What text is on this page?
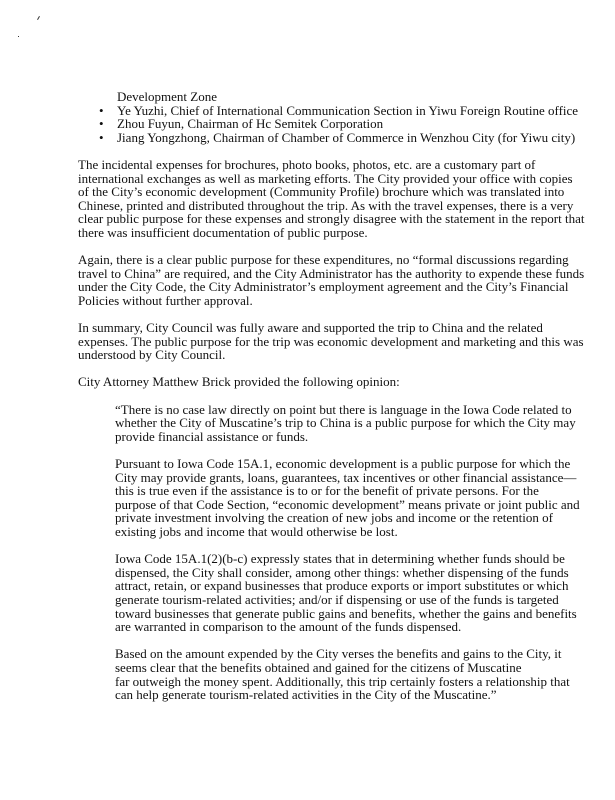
Development Zone
• Ye Yuzhi, Chief of International Communication Section in Yiwu Foreign Routine office
• Zhou Fuyun, Chairman of Hc Semitek Corporation
• Jiang Yongzhong, Chairman of Chamber of Commerce in Wenzhou City (for Yiwu city)
The incidental expenses for brochures, photo books, photos, etc. are a customary part of
international exchanges as well as marketing efforts. The City provided your office with copies
of the City’s economic development (Community Profile) brochure which was translated into
Chinese, printed and distributed throughout the trip. As with the travel expenses, there is a very
clear public purpose for these expenses and strongly disagree with the statement in the report that
there was insufficient documentation of public purpose.
Again, there is a clear public purpose for these expenditures, no “formal discussions regarding
travel to China” are required, and the City Administrator has the authority to expende these funds
under the City Code, the City Administrator’s employment agreement and the City’s Financial
Policies without further approval.
In summary, City Council was fully aware and supported the trip to China and the related
expenses. The public purpose for the trip was economic development and marketing and this was
understood by City Council.
City Attorney Matthew Brick provided the following opinion:
“There is no case law directly on point but there is language in the Iowa Code related to
whether the City of Muscatine’s trip to China is a public purpose for which the City may
provide financial assistance or funds.
Pursuant to Iowa Code 15A.1, economic development is a public purpose for which the
City may provide grants, loans, guarantees, tax incentives or other financial assistance—
this is true even if the assistance is to or for the benefit of private persons. For the
purpose of that Code Section, “economic development” means private or joint public and
private investment involving the creation of new jobs and income or the retention of
existing jobs and income that would otherwise be lost.
Iowa Code 15A.1(2)(b-c) expressly states that in determining whether funds should be
dispensed, the City shall consider, among other things: whether dispensing of the funds
attract, retain, or expand businesses that produce exports or import substitutes or which
generate tourism-related activities; and/or if dispensing or use of the funds is targeted
toward businesses that generate public gains and benefits, whether the gains and benefits
are warranted in comparison to the amount of the funds dispensed.
Based on the amount expended by the City verses the benefits and gains to the City, it
seems clear that the benefits obtained and gained for the citizens of Muscatine
far outweigh the money spent. Additionally, this trip certainly fosters a relationship that
can help generate tourism-related activities in the City of the Muscatine.”
